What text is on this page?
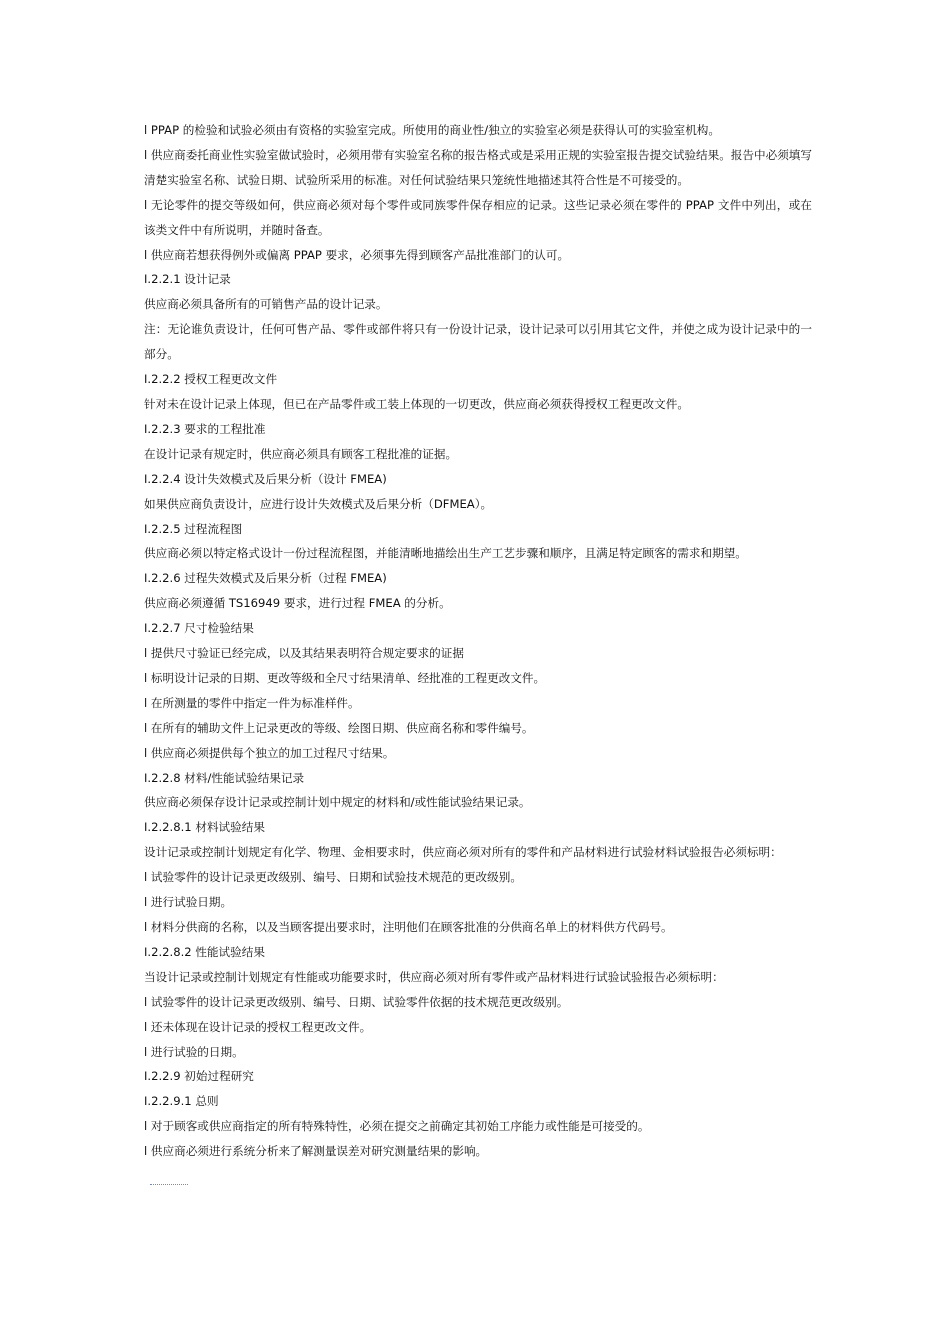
l PPAP 的检验和试验必须由有资格的实验室完成。所使用的商业性/独立的实验室必须是获得认可的实验室机构。

l 供应商委托商业性实验室做试验时，必须用带有实验室名称的报告格式或是采用正规的实验室报告提交试验结果。报告中必须填写清楚实验室名称、试验日期、试验所采用的标准。对任何试验结果只笼统性地描述其符合性是不可接受的。

l 无论零件的提交等级如何，供应商必须对每个零件或同族零件保存相应的记录。这些记录必须在零件的 PPAP 文件中列出，或在该类文件中有所说明，并随时备查。

l 供应商若想获得例外或偏离 PPAP 要求，必须事先得到顾客产品批准部门的认可。

I.2.2.1 设计记录

供应商必须具备所有的可销售产品的设计记录。

注：无论谁负责设计，任何可售产品、零件或部件将只有一份设计记录，设计记录可以引用其它文件，并使之成为设计记录中的一部分。

I.2.2.2 授权工程更改文件

针对未在设计记录上体现，但已在产品零件或工装上体现的一切更改，供应商必须获得授权工程更改文件。

I.2.2.3 要求的工程批准

在设计记录有规定时，供应商必须具有顾客工程批准的证据。

I.2.2.4 设计失效模式及后果分析（设计 FMEA)

如果供应商负责设计，应进行设计失效模式及后果分析（DFMEA）。

I.2.2.5 过程流程图

供应商必须以特定格式设计一份过程流程图，并能清晰地描绘出生产工艺步骤和顺序，且满足特定顾客的需求和期望。

I.2.2.6 过程失效模式及后果分析（过程 FMEA)

供应商必须遵循 TS16949 要求，进行过程 FMEA 的分析。

I.2.2.7 尺寸检验结果

l 提供尺寸验证已经完成，以及其结果表明符合规定要求的证据

l 标明设计记录的日期、更改等级和全尺寸结果清单、经批准的工程更改文件。

l 在所测量的零件中指定一件为标准样件。

l 在所有的辅助文件上记录更改的等级、绘图日期、供应商名称和零件编号。

l 供应商必须提供每个独立的加工过程尺寸结果。

I.2.2.8 材料/性能试验结果记录

供应商必须保存设计记录或控制计划中规定的材料和/或性能试验结果记录。

I.2.2.8.1 材料试验结果

设计记录或控制计划规定有化学、物理、金相要求时，供应商必须对所有的零件和产品材料进行试验材料试验报告必须标明：

l 试验零件的设计记录更改级别、编号、日期和试验技术规范的更改级别。

l 进行试验日期。

l 材料分供商的名称，以及当顾客提出要求时，注明他们在顾客批准的分供商名单上的材料供方代码号。

I.2.2.8.2 性能试验结果

当设计记录或控制计划规定有性能或功能要求时，供应商必须对所有零件或产品材料进行试验试验报告必须标明：

l 试验零件的设计记录更改级别、编号、日期、试验零件依据的技术规范更改级别。

l 还未体现在设计记录的授权工程更改文件。

l 进行试验的日期。

I.2.2.9 初始过程研究

I.2.2.9.1 总则

l 对于顾客或供应商指定的所有特殊特性，必须在提交之前确定其初始工序能力或性能是可接受的。

l 供应商必须进行系统分析来了解测量误差对研究测量结果的影响。
